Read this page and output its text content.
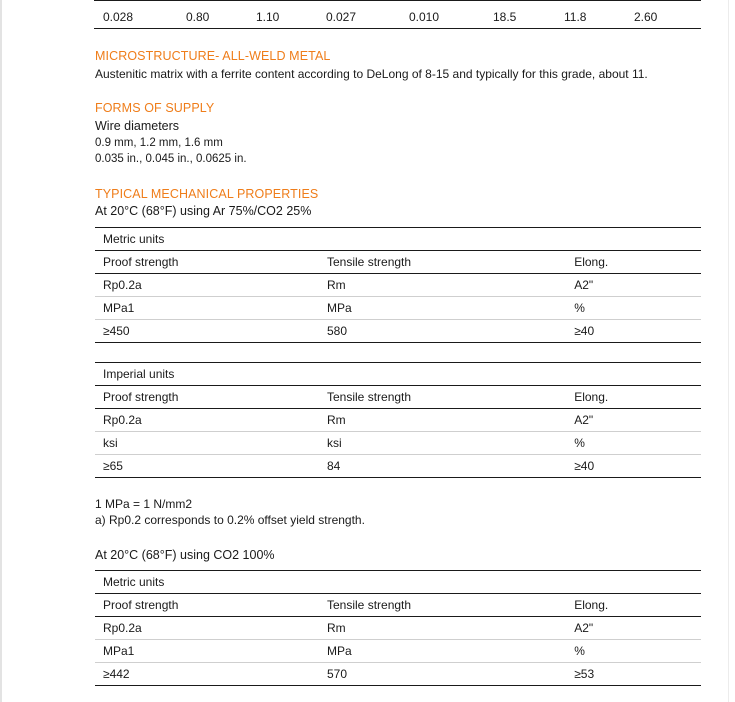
0.028	0.80	1.10	0.027	0.010	18.5	11.8	2.60
MICROSTRUCTURE- ALL-WELD METAL
Austenitic matrix with a ferrite content according to DeLong of 8-15 and typically for this grade, about 11.
FORMS OF SUPPLY
Wire diameters
0.9 mm, 1.2 mm, 1.6 mm
0.035 in., 0.045 in., 0.0625 in.
TYPICAL MECHANICAL PROPERTIES
At 20°C (68°F) using Ar 75%/CO2 25%
Metric units		
Proof strength	Tensile strength	Elong.
Rp0.2a	Rm	A2"
MPa1	MPa	%
≥450	580	≥40
Imperial units		
Proof strength	Tensile strength	Elong.
Rp0.2a	Rm	A2"
ksi	ksi	%
≥65	84	≥40
1 MPa = 1 N/mm2
a) Rp0.2 corresponds to 0.2% offset yield strength.
At 20°C (68°F) using CO2 100%
Metric units		
Proof strength	Tensile strength	Elong.
Rp0.2a	Rm	A2"
MPa1	MPa	%
≥442	570	≥53
